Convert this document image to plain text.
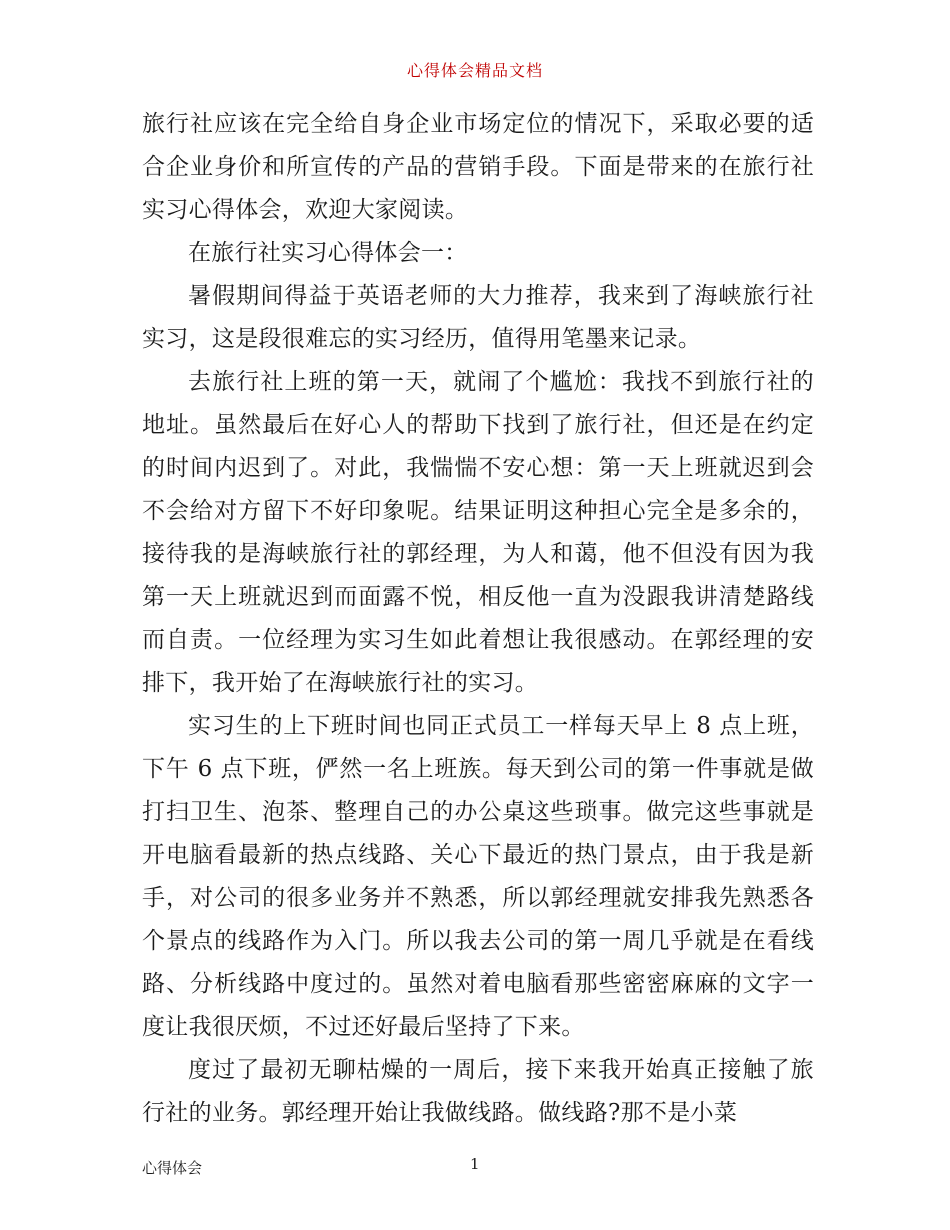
心得体会精品文档

旅行社应该在完全给自身企业市场定位的情况下，采取必要的适合企业身价和所宣传的产品的营销手段。下面是带来的在旅行社实习心得体会，欢迎大家阅读。

在旅行社实习心得体会一：

暑假期间得益于英语老师的大力推荐，我来到了海峡旅行社实习，这是段很难忘的实习经历，值得用笔墨来记录。

去旅行社上班的第一天，就闹了个尴尬：我找不到旅行社的地址。虽然最后在好心人的帮助下找到了旅行社，但还是在约定的时间内迟到了。对此，我惴惴不安心想：第一天上班就迟到会不会给对方留下不好印象呢。结果证明这种担心完全是多余的，接待我的是海峡旅行社的郭经理，为人和蔼，他不但没有因为我第一天上班就迟到而面露不悦，相反他一直为没跟我讲清楚路线而自责。一位经理为实习生如此着想让我很感动。在郭经理的安排下，我开始了在海峡旅行社的实习。

实习生的上下班时间也同正式员工一样每天早上 8 点上班，下午 6 点下班，俨然一名上班族。每天到公司的第一件事就是做打扫卫生、泡茶、整理自己的办公桌这些琐事。做完这些事就是开电脑看最新的热点线路、关心下最近的热门景点，由于我是新手，对公司的很多业务并不熟悉，所以郭经理就安排我先熟悉各个景点的线路作为入门。所以我去公司的第一周几乎就是在看线路、分析线路中度过的。虽然对着电脑看那些密密麻麻的文字一度让我很厌烦，不过还好最后坚持了下来。

度过了最初无聊枯燥的一周后，接下来我开始真正接触了旅行社的业务。郭经理开始让我做线路。做线路?那不是小菜

心得体会	1
